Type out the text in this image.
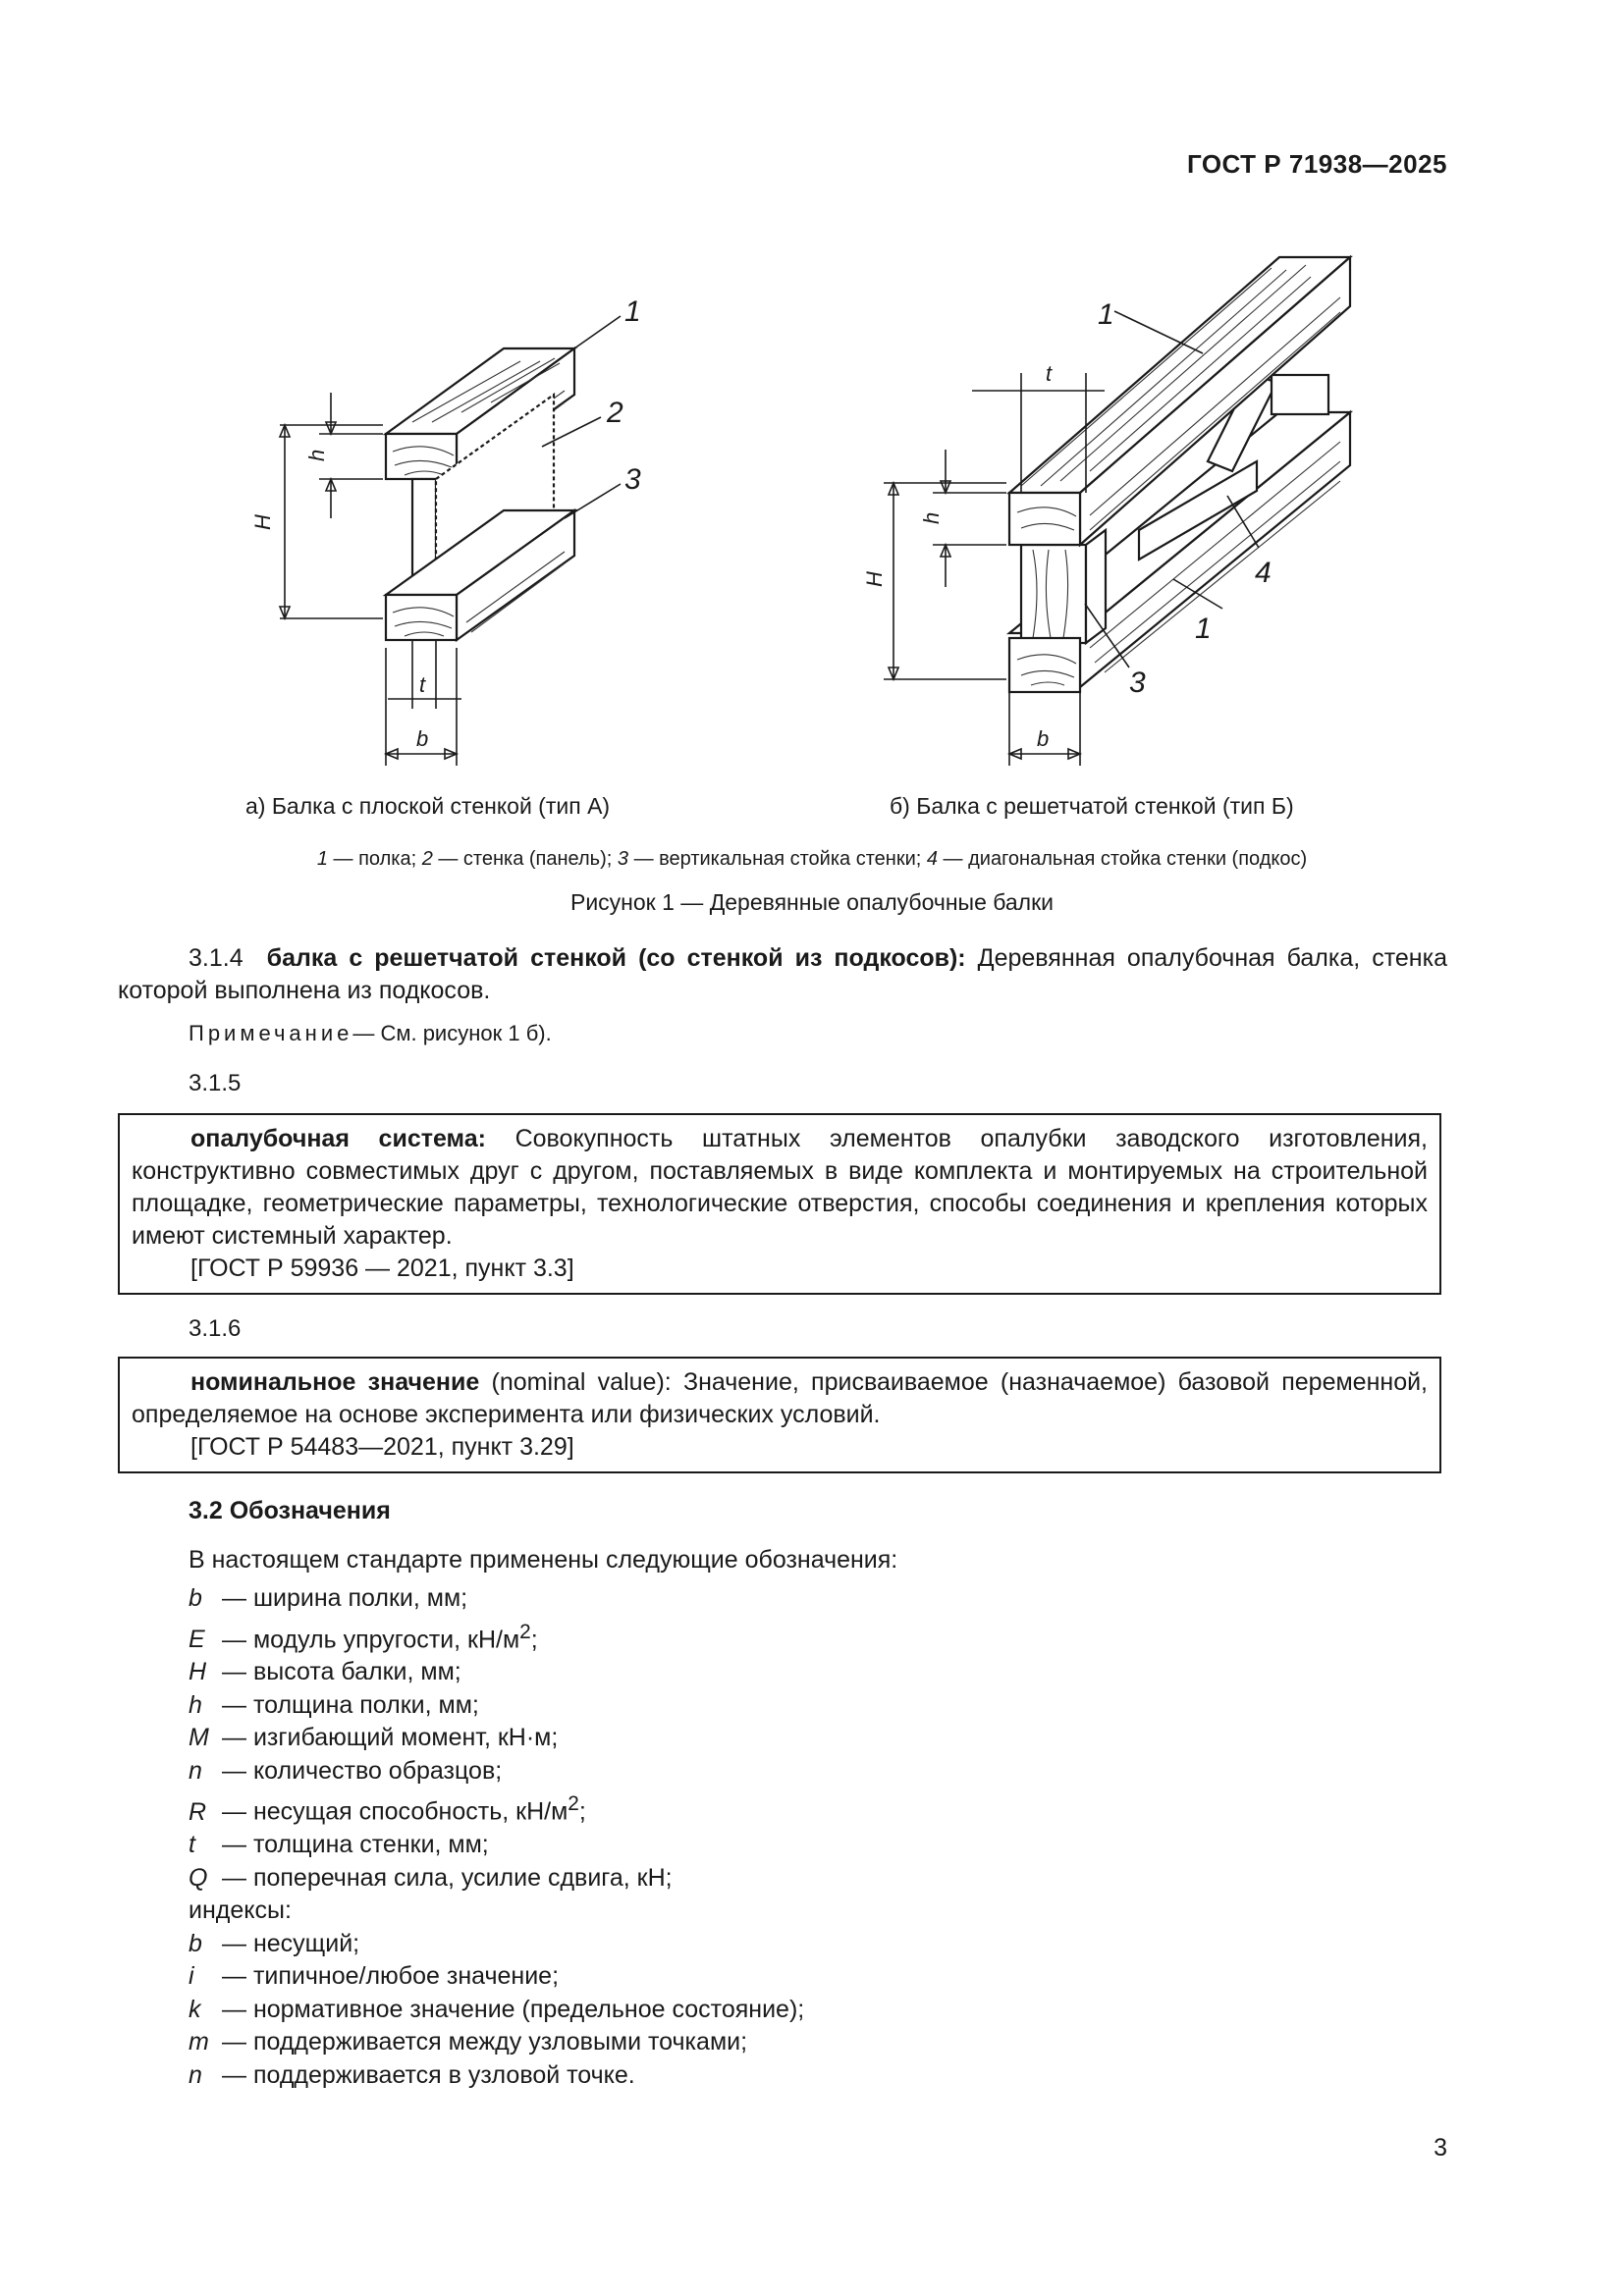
ГОСТ Р 71938—2025
1
2
3
H
h
t
b
1
4
1
3
H
h
t
b
а) Балка с плоской стенкой (тип А)	б) Балка с решетчатой стенкой (тип Б)
1 — полка; 2 — стенка (панель); 3 — вертикальная стойка стенки; 4 — диагональная стойка стенки (подкос)
Рисунок 1 — Деревянные опалубочные балки
3.1.4 балка с решетчатой стенкой (со стенкой из подкосов): Деревянная опалубочная балка, стенка которой выполнена из подкосов.
Примечание— См. рисунок 1 б).
3.1.5
опалубочная система: Совокупность штатных элементов опалубки заводского изготовления, конструктивно совместимых друг с другом, поставляемых в виде комплекта и монтируемых на строительной площадке, геометрические параметры, технологические отверстия, способы соединения и крепления которых имеют системный характер.
[ГОСТ Р 59936 — 2021, пункт 3.3]
3.1.6
номинальное значение (nominal value): Значение, присваиваемое (назначаемое) базовой переменной, определяемое на основе эксперимента или физических условий.
[ГОСТ Р 54483—2021, пункт 3.29]
3.2 Обозначения
В настоящем стандарте применены следующие обозначения:
b — ширина полки, мм;
E — модуль упругости, $кН/м^2$;
H — высота балки, мм;
h — толщина полки, мм;
M — изгибающий момент, кН·м;
n — количество образцов;
R — несущая способность, $кН/м^2$;
t — толщина стенки, мм;
Q — поперечная сила, усилие сдвига, кН;
индексы:
b — несущий;
i — типичное/любое значение;
k — нормативное значение (предельное состояние);
m — поддерживается между узловыми точками;
n — поддерживается в узловой точке.
3
